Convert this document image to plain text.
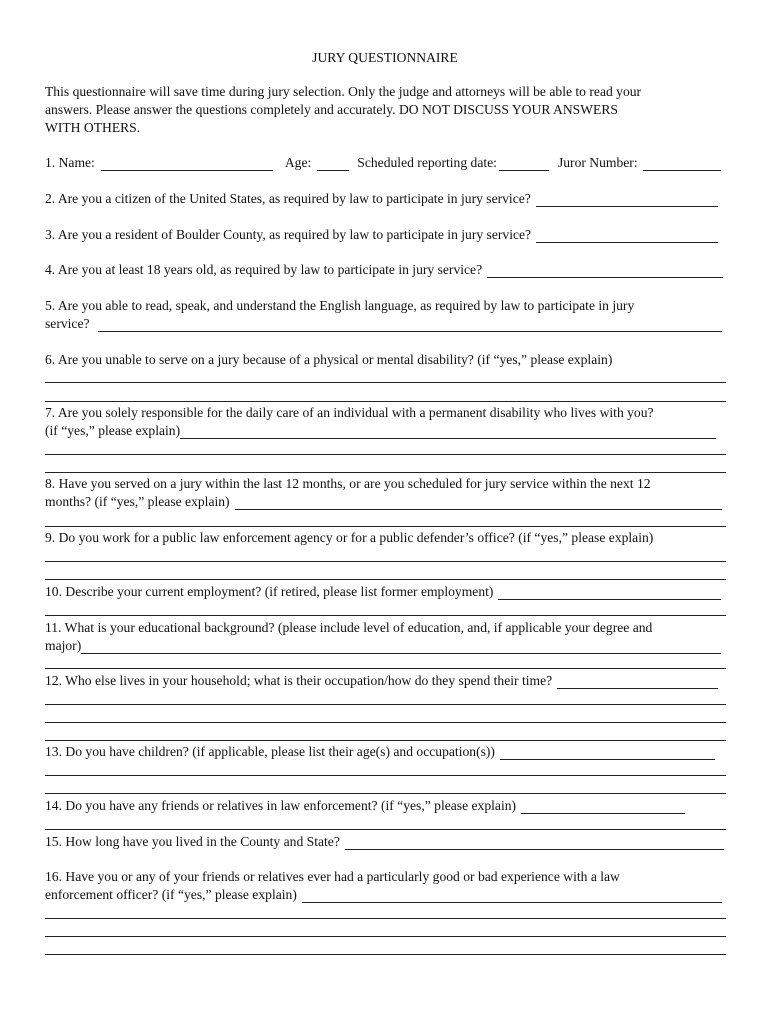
JURY QUESTIONNAIRE
This questionnaire will save time during jury selection. Only the judge and attorneys will be able to read your
answers. Please answer the questions completely and accurately. DO NOT DISCUSS YOUR ANSWERS
WITH OTHERS.
1. Name:	Age:	Scheduled reporting date:	Juror Number:
2. Are you a citizen of the United States, as required by law to participate in jury service?
3. Are you a resident of Boulder County, as required by law to participate in jury service?
4. Are you at least 18 years old, as required by law to participate in jury service?
5. Are you able to read, speak, and understand the English language, as required by law to participate in jury
service?
6. Are you unable to serve on a jury because of a physical or mental disability? (if “yes,” please explain)
7. Are you solely responsible for the daily care of an individual with a permanent disability who lives with you?
(if “yes,” please explain)
8. Have you served on a jury within the last 12 months, or are you scheduled for jury service within the next 12
months? (if “yes,” please explain)
9. Do you work for a public law enforcement agency or for a public defender’s office? (if “yes,” please explain)
10. Describe your current employment? (if retired, please list former employment)
11. What is your educational background? (please include level of education, and, if applicable your degree and
major)
12. Who else lives in your household; what is their occupation/how do they spend their time?
13. Do you have children? (if applicable, please list their age(s) and occupation(s))
14. Do you have any friends or relatives in law enforcement? (if “yes,” please explain)
15. How long have you lived in the County and State?
16. Have you or any of your friends or relatives ever had a particularly good or bad experience with a law
enforcement officer? (if “yes,” please explain)
